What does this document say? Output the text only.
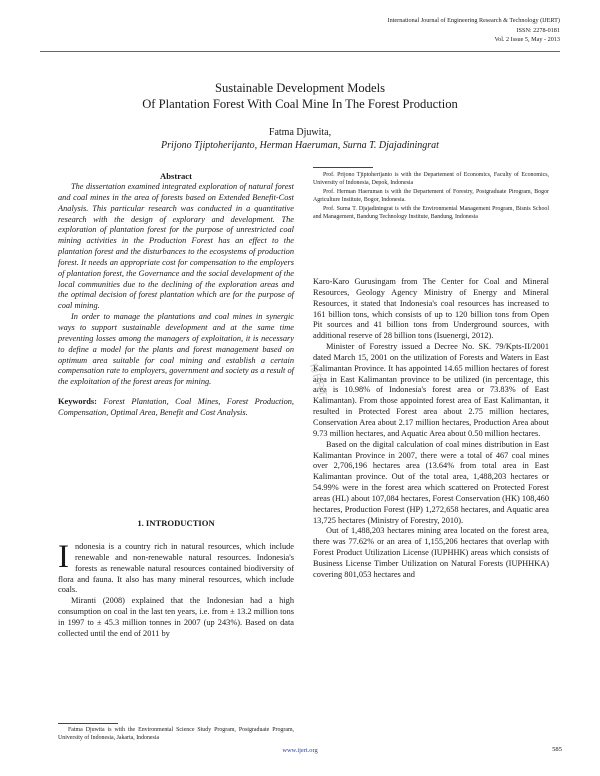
International Journal of Engineering Research & Technology (IJERT)
ISSN: 2278-0181
Vol. 2 Issue 5, May - 2013
Sustainable Development Models
Of Plantation Forest With Coal Mine In The Forest Production
Fatma Djuwita,
Prijono Tjiptoherijanto, Herman Haeruman, Surna T. Djajadiningrat
Abstract

The dissertation examined integrated exploration of natural forest and coal mines in the area of forests based on Extended Benefit-Cost Analysis. This particular research was conducted in a quantitative research with the design of explorary and development. The exploration of plantation forest for the purpose of unrestricted coal mining activities in the Production Forest has an effect to the plantation forest and the disturbances to the ecosystems of production forest. It needs an appropriate cost for compensation to the employers of plantation forest, the Governance and the social development of the local communities due to the declining of the exploration areas and the optimal decision of forest plantation which are for the purpose of coal mining.

In order to manage the plantations and coal mines in synergic ways to support sustainable development and at the same time preventing losses among the managers of exploitation, it is necessary to define a model for the plants and forest management based on optimum area suitable for coal mining and establish a certain compensation rate to employers, government and society as a result of the exploitation of the forest areas for mining.

Keywords: Forest Plantation, Coal Mines, Forest Production, Compensation, Optimal Area, Benefit and Cost Analysis.

1. INTRODUCTION

Indonesia is a country rich in natural resources, which include renewable and non-renewable natural resources. Indonesia's forests as renewable natural resources contained biodiversity of flora and fauna. It also has many mineral resources, which include coals.

Miranti (2008) explained that the Indonesian had a high consumption on coal in the last ten years, i.e. from ± 13.2 million tons in 1997 to ± 45.3 million tonnes in 2007 (up 243%). Based on data collected until the end of 2011 by

Fatma Djuwita is with the Environmental Science Study Program, Postgraduate Program, University of Indonesia, Jakarta, Indonesia

Prof. Prijono Tjiptoherijanto is with the Departement of Economics, Faculty of Economics, University of Indonesia, Depok, Indonesia

Prof. Herman Haeruman is with the Departement of Forestry, Postgraduate Pirogram, Bogor Agriculture Institute, Bogor, Indonesia.

Prof. Surna T. Djajadiningrat is with the Environmental Management Program, Bisnis School and Management, Bandung Technology Institute, Bandung, Indonesia

Karo-Karo Gurusingam from The Center for Coal and Mineral Resources, Geology Agency Ministry of Energy and Mineral Resources, it stated that Indonesia's coal resources has increased to 161 billion tons, which consists of up to 120 billion tons from Open Pit sources and 41 billion tons from Underground sources, with additional reserve of 28 billion tons (Isuenergi, 2012).

Minister of Forestry issued a Decree No. SK. 79/Kpts-II/2001 dated March 15, 2001 on the utilization of Forests and Waters in East Kalimantan Province. It has appointed 14.65 million hectares of forest area in East Kalimantan province to be utilized (in percentage, this area is 10.98% of Indonesia's forest area or 73.83% of East Kalimantan). From those appointed forest area of East Kalimantan, it resulted in Protected Forest area about 2.75 million hectares, Conservation Area about 2.17 million hectares, Production Area about 9.73 million hectares, and Aquatic Area about 0.50 million hectares.

Based on the digital calculation of coal mines distribution in East Kalimantan Province in 2007, there were a total of 467 coal mines over 2,706,196 hectares area (13.64% from total area in East Kalimantan province. Out of the total area, 1,488,203 hectares or 54.99% were in the forest area which scattered on Protected Forest areas (HL) about 107,084 hectares, Forest Conservation (HK) 108,460 hectares, Production Forest (HP) 1,272,658 hectares, and Aquatic area 13,725 hectares (Ministry of Forestry, 2010).

Out of 1,488,203 hectares mining area located on the forest area, there was 77.62% or an area of 1,155,206 hectares that overlap with Forest Product Utilization License (IUPHHK) areas which consists of Business License Timber Utilization on Natural Forests (IUPHHKA) covering 801,053 hectares and

IJERT
www.ijert.org	585
